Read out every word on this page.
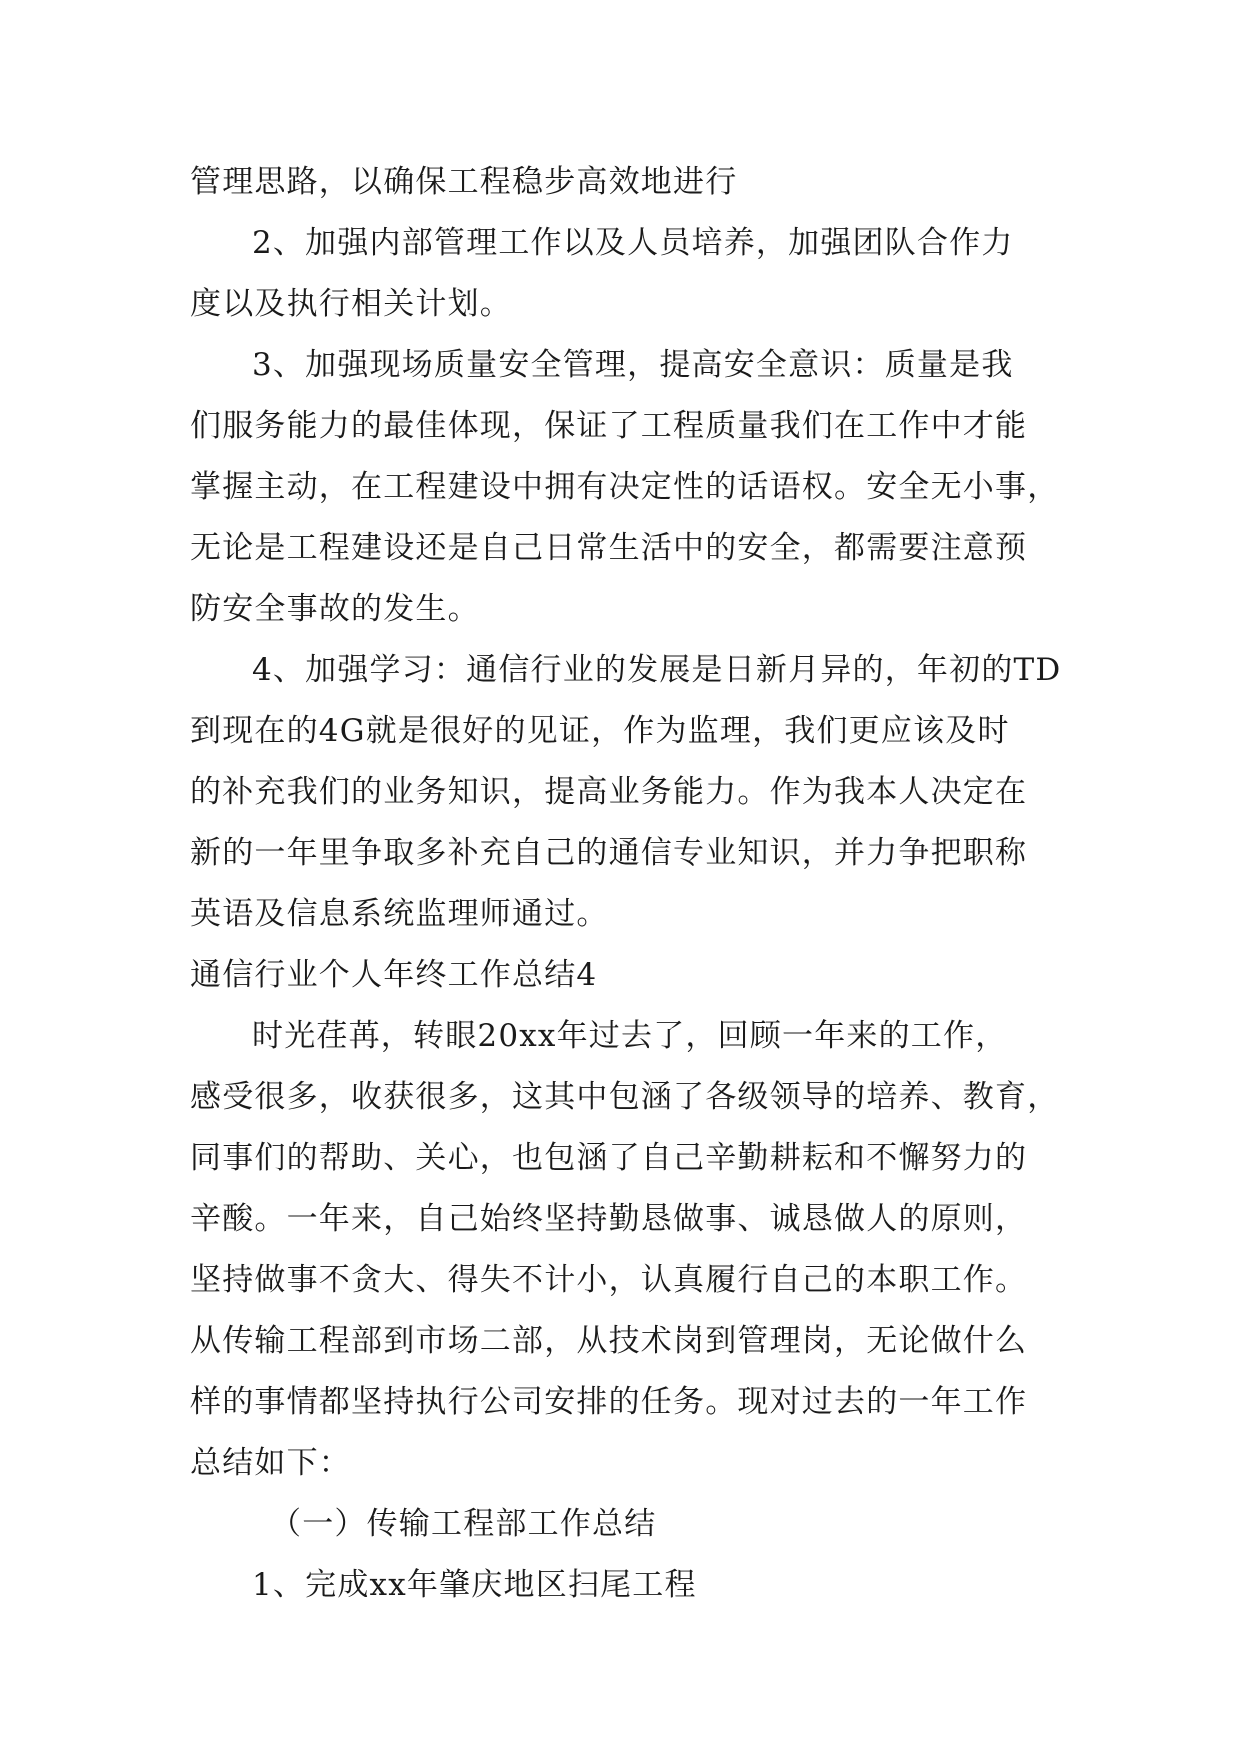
管理思路，以确保工程稳步高效地进行
2、加强内部管理工作以及人员培养，加强团队合作力
度以及执行相关计划。
3、加强现场质量安全管理，提高安全意识：质量是我
们服务能力的最佳体现，保证了工程质量我们在工作中才能
掌握主动，在工程建设中拥有决定性的话语权。安全无小事，
无论是工程建设还是自己日常生活中的安全，都需要注意预
防安全事故的发生。
4、加强学习：通信行业的发展是日新月异的，年初的TD
到现在的4G就是很好的见证，作为监理，我们更应该及时
的补充我们的业务知识，提高业务能力。作为我本人决定在
新的一年里争取多补充自己的通信专业知识，并力争把职称
英语及信息系统监理师通过。
通信行业个人年终工作总结4
时光荏苒，转眼20xx年过去了，回顾一年来的工作，
感受很多，收获很多，这其中包涵了各级领导的培养、教育，
同事们的帮助、关心，也包涵了自己辛勤耕耘和不懈努力的
辛酸。一年来，自己始终坚持勤恳做事、诚恳做人的原则，
坚持做事不贪大、得失不计小，认真履行自己的本职工作。
从传输工程部到市场二部，从技术岗到管理岗，无论做什么
样的事情都坚持执行公司安排的任务。现对过去的一年工作
总结如下：
（一）传输工程部工作总结
1、完成xx年肇庆地区扫尾工程
